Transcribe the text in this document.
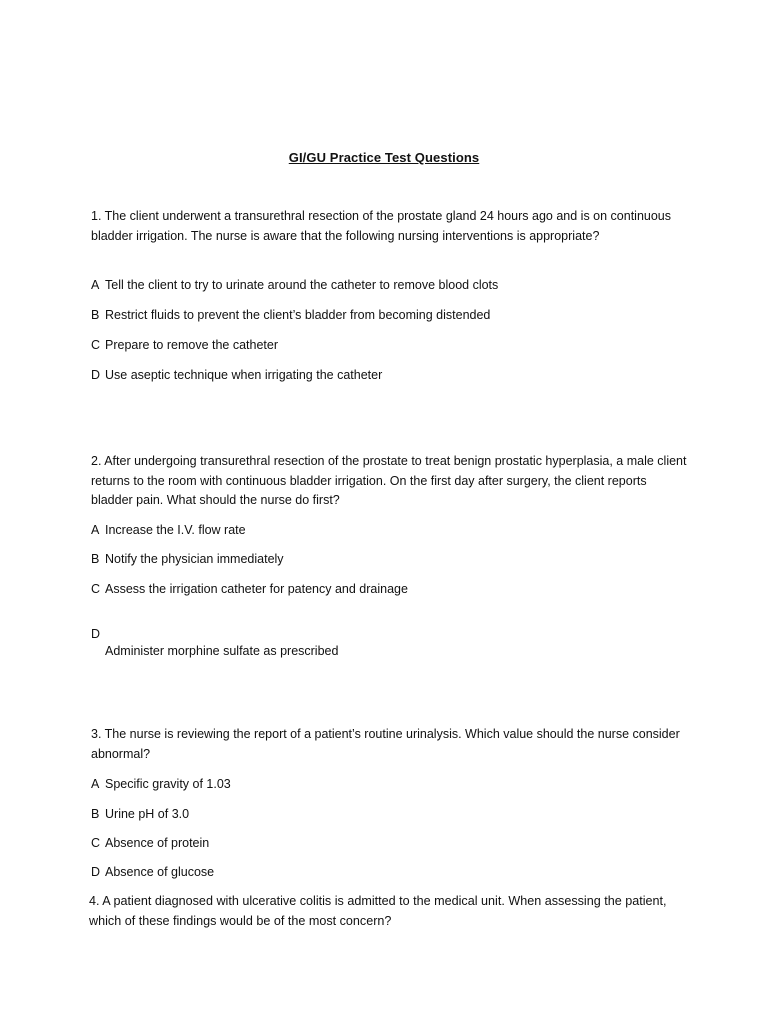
GI/GU Practice Test Questions
1. The client underwent a transurethral resection of the prostate gland 24 hours ago and is on continuous bladder irrigation. The nurse is aware that the following nursing interventions is appropriate?
A Tell the client to try to urinate around the catheter to remove blood clots
B Restrict fluids to prevent the client’s bladder from becoming distended
C Prepare to remove the catheter
D Use aseptic technique when irrigating the catheter
2. After undergoing transurethral resection of the prostate to treat benign prostatic hyperplasia, a male client returns to the room with continuous bladder irrigation. On the first day after surgery, the client reports bladder pain. What should the nurse do first?
A Increase the I.V. flow rate
B Notify the physician immediately
C Assess the irrigation catheter for patency and drainage
D
Administer morphine sulfate as prescribed
3. The nurse is reviewing the report of a patient’s routine urinalysis. Which value should the nurse consider abnormal?
A Specific gravity of 1.03
B Urine pH of 3.0
C Absence of protein
D Absence of glucose
4. A patient diagnosed with ulcerative colitis is admitted to the medical unit. When assessing the patient, which of these findings would be of the most concern?
